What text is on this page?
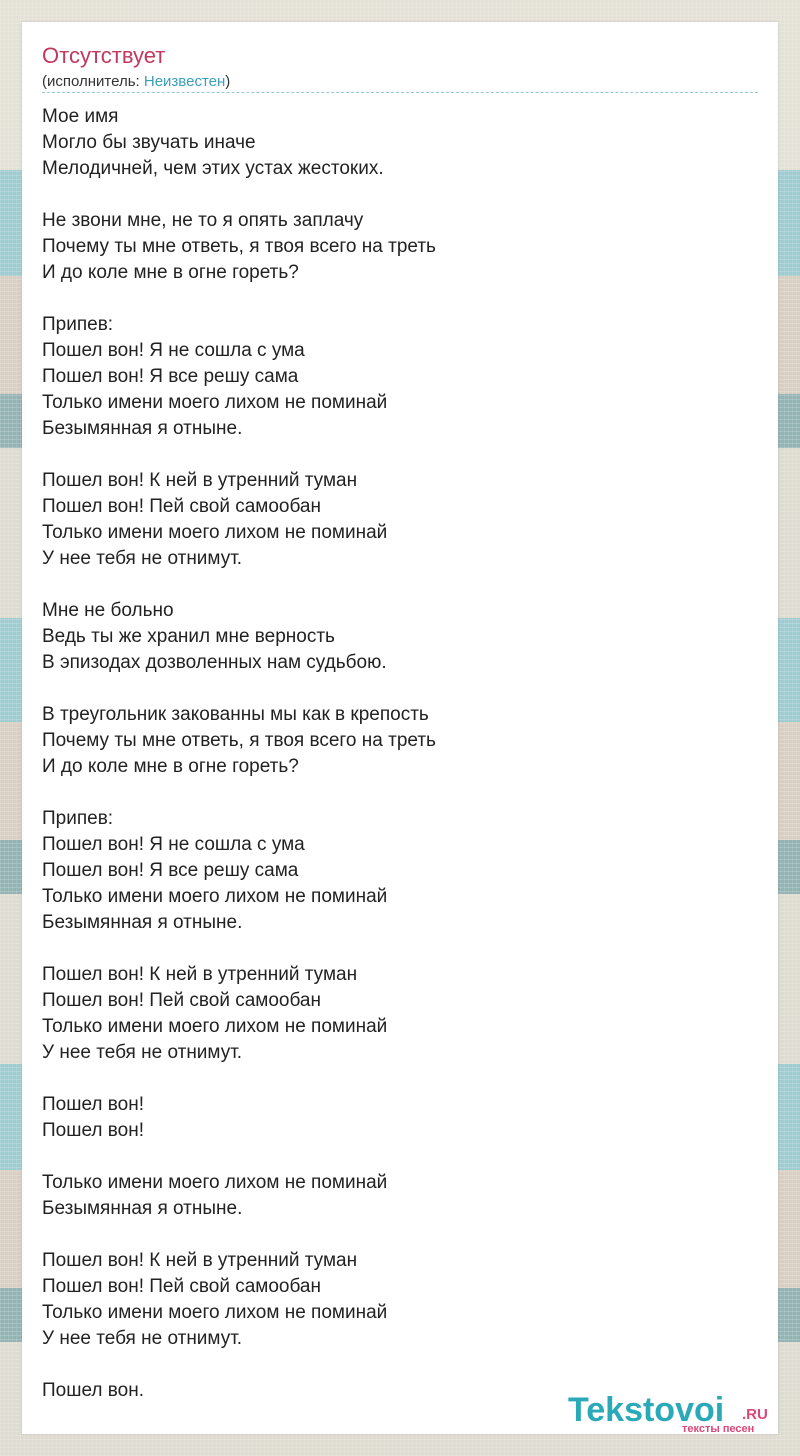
Отсутствует
(исполнитель: Неизвестен)
Мое имя
Могло бы звучать иначе
Мелодичней, чем этих устах жестоких.
Не звони мне, не то я опять заплачу
Почему ты мне ответь, я твоя всего на треть
И до коле мне в огне гореть?
Припев:
Пошел вон! Я не сошла с ума
Пошел вон! Я все решу сама
Только имени моего лихом не поминай
Безымянная я отныне.
Пошел вон! К ней в утренний туман
Пошел вон! Пей свой самообан
Только имени моего лихом не поминай
У нее тебя не отнимут.
Мне не больно
Ведь ты же хранил мне верность
В эпизодах дозволенных нам судьбою.
В треугольник закованны мы как в крепость
Почему ты мне ответь, я твоя всего на треть
И до коле мне в огне гореть?
Припев:
Пошел вон! Я не сошла с ума
Пошел вон! Я все решу сама
Только имени моего лихом не поминай
Безымянная я отныне.
Пошел вон! К ней в утренний туман
Пошел вон! Пей свой самообан
Только имени моего лихом не поминай
У нее тебя не отнимут.
Пошел вон!
Пошел вон!
Только имени моего лихом не поминай
Безымянная я отныне.
Пошел вон! К ней в утренний туман
Пошел вон! Пей свой самообан
Только имени моего лихом не поминай
У нее тебя не отнимут.
Пошел вон.
Tekstovoi .RU
тексты песен
